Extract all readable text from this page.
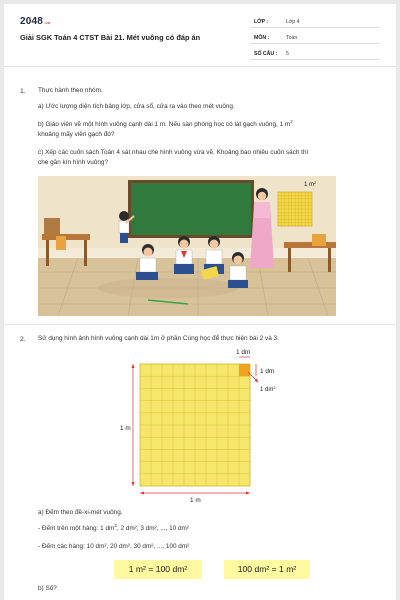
2048.vn
Giải SGK Toán 4 CTST Bài 21. Mét vuông có đáp án
LỚP :	Lớp 4
MÔN :	Toán
SỐ CÂU : 5
1. Thực hành theo nhóm.
a) Ước lượng diện tích bảng lớp, cửa sổ, cửa ra vào theo mét vuông.
b) Giáo viên vẽ một hình vuông cạnh dài 1 m. Nếu sàn phòng học có lát gạch vuông, 1 $m^2$
khoảng mấy viên gạch đó?
c) Xếp các cuốn sách Toán 4 sát nhau che hình vuông vừa vẽ. Khoảng bao nhiêu cuốn sách thì
che gần kín hình vuông?
1 $m^2$
2. Sử dụng hình ảnh hình vuông cạnh dài 1m ở phần Cùng học để thực hiện bài 2 và 3.
1 dm
1 dm
1 $dm^2$
1 m
1 m
a) Đếm theo đề-xi-mét vuông.
- Đếm trên một hàng: 1 $dm^2$, 2 dm², 3 dm², ..., 10 dm²
- Đếm các hàng: 10 dm², 20 dm², 30 dm², ..., 100 dm²
1 m² = 100 dm²	100 dm² = 1 m²
b) Số?
